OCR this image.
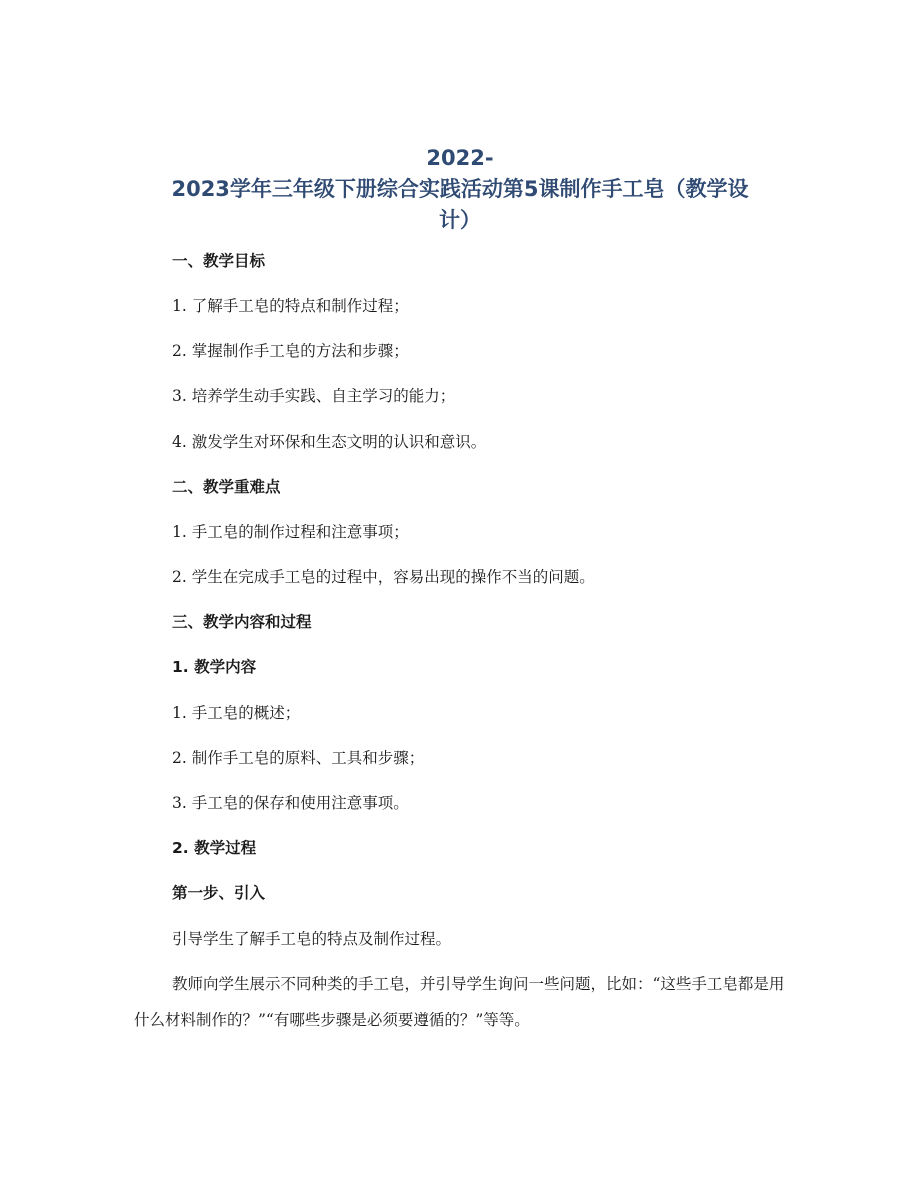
2022-
2023学年三年级下册综合实践活动第5课制作手工皂（教学设
计）
一、教学目标
1. 了解手工皂的特点和制作过程；
2. 掌握制作手工皂的方法和步骤；
3. 培养学生动手实践、自主学习的能力；
4. 激发学生对环保和生态文明的认识和意识。
二、教学重难点
1. 手工皂的制作过程和注意事项；
2. 学生在完成手工皂的过程中，容易出现的操作不当的问题。
三、教学内容和过程
1. 教学内容
1. 手工皂的概述；
2. 制作手工皂的原料、工具和步骤；
3. 手工皂的保存和使用注意事项。
2. 教学过程
第一步、引入
引导学生了解手工皂的特点及制作过程。
教师向学生展示不同种类的手工皂，并引导学生询问一些问题，比如：“这些手工皂都是用什么材料制作的？”“有哪些步骤是必须要遵循的？”等等。
